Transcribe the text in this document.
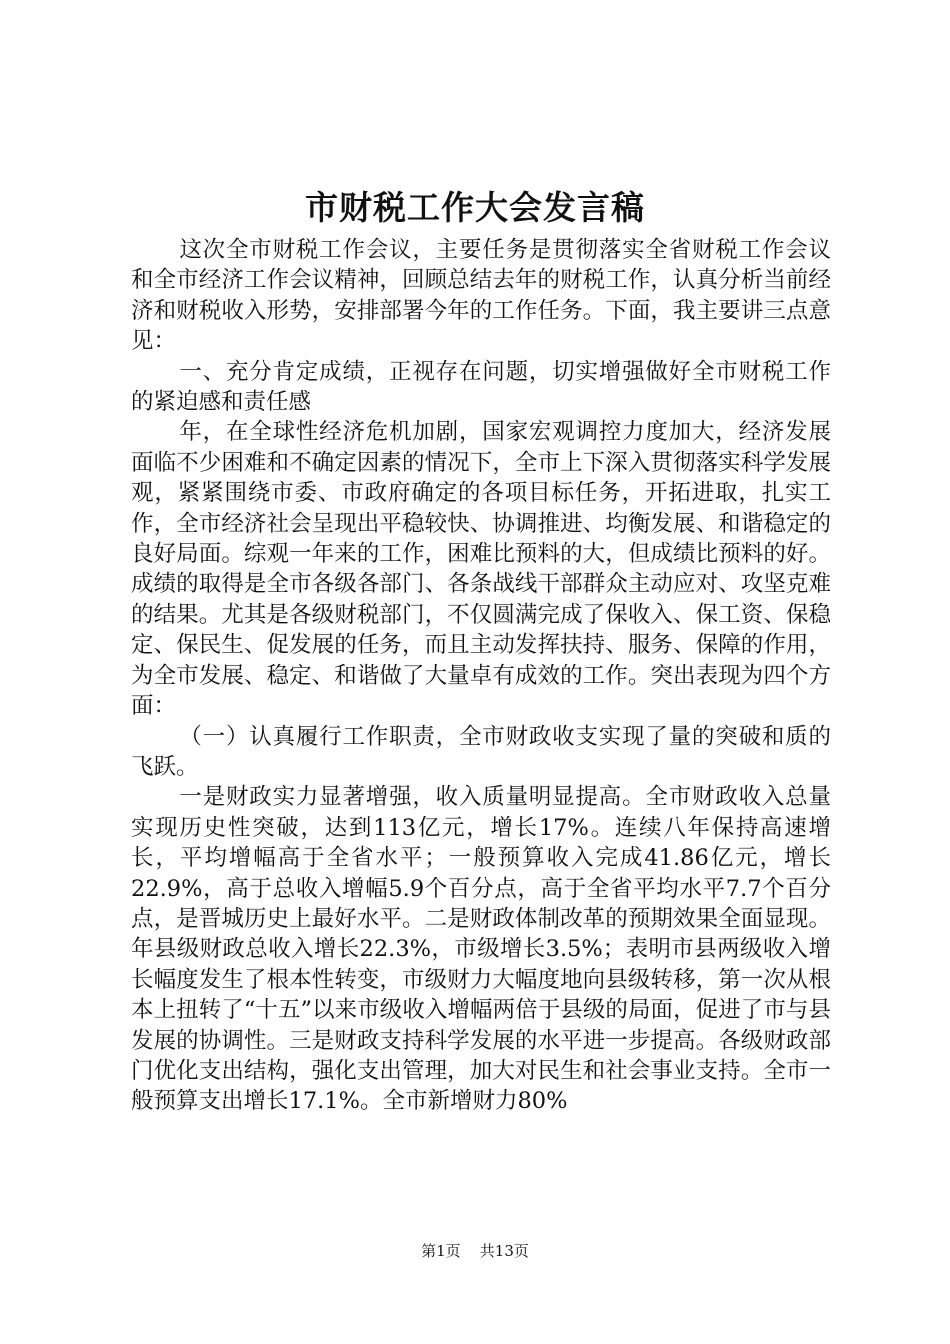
市财税工作大会发言稿

这次全市财税工作会议，主要任务是贯彻落实全省财税工作会议和全市经济工作会议精神，回顾总结去年的财税工作，认真分析当前经济和财税收入形势，安排部署今年的工作任务。下面，我主要讲三点意见：

一、充分肯定成绩，正视存在问题，切实增强做好全市财税工作的紧迫感和责任感

年，在全球性经济危机加剧，国家宏观调控力度加大，经济发展面临不少困难和不确定因素的情况下，全市上下深入贯彻落实科学发展观，紧紧围绕市委、市政府确定的各项目标任务，开拓进取，扎实工作，全市经济社会呈现出平稳较快、协调推进、均衡发展、和谐稳定的良好局面。综观一年来的工作，困难比预料的大，但成绩比预料的好。成绩的取得是全市各级各部门、各条战线干部群众主动应对、攻坚克难的结果。尤其是各级财税部门，不仅圆满完成了保收入、保工资、保稳定、保民生、促发展的任务，而且主动发挥扶持、服务、保障的作用，为全市发展、稳定、和谐做了大量卓有成效的工作。突出表现为四个方面：

（一）认真履行工作职责，全市财政收支实现了量的突破和质的飞跃。

一是财政实力显著增强，收入质量明显提高。全市财政收入总量实现历史性突破，达到113亿元，增长17%。连续八年保持高速增长，平均增幅高于全省水平；一般预算收入完成41.86亿元，增长22.9%，高于总收入增幅5.9个百分点，高于全省平均水平7.7个百分点，是晋城历史上最好水平。二是财政体制改革的预期效果全面显现。年县级财政总收入增长22.3%，市级增长3.5%；表明市县两级收入增长幅度发生了根本性转变，市级财力大幅度地向县级转移，第一次从根本上扭转了“十五”以来市级收入增幅两倍于县级的局面，促进了市与县发展的协调性。三是财政支持科学发展的水平进一步提高。各级财政部门优化支出结构，强化支出管理，加大对民生和社会事业支持。全市一般预算支出增长17.1%。全市新增财力80%

第1页 共13页
